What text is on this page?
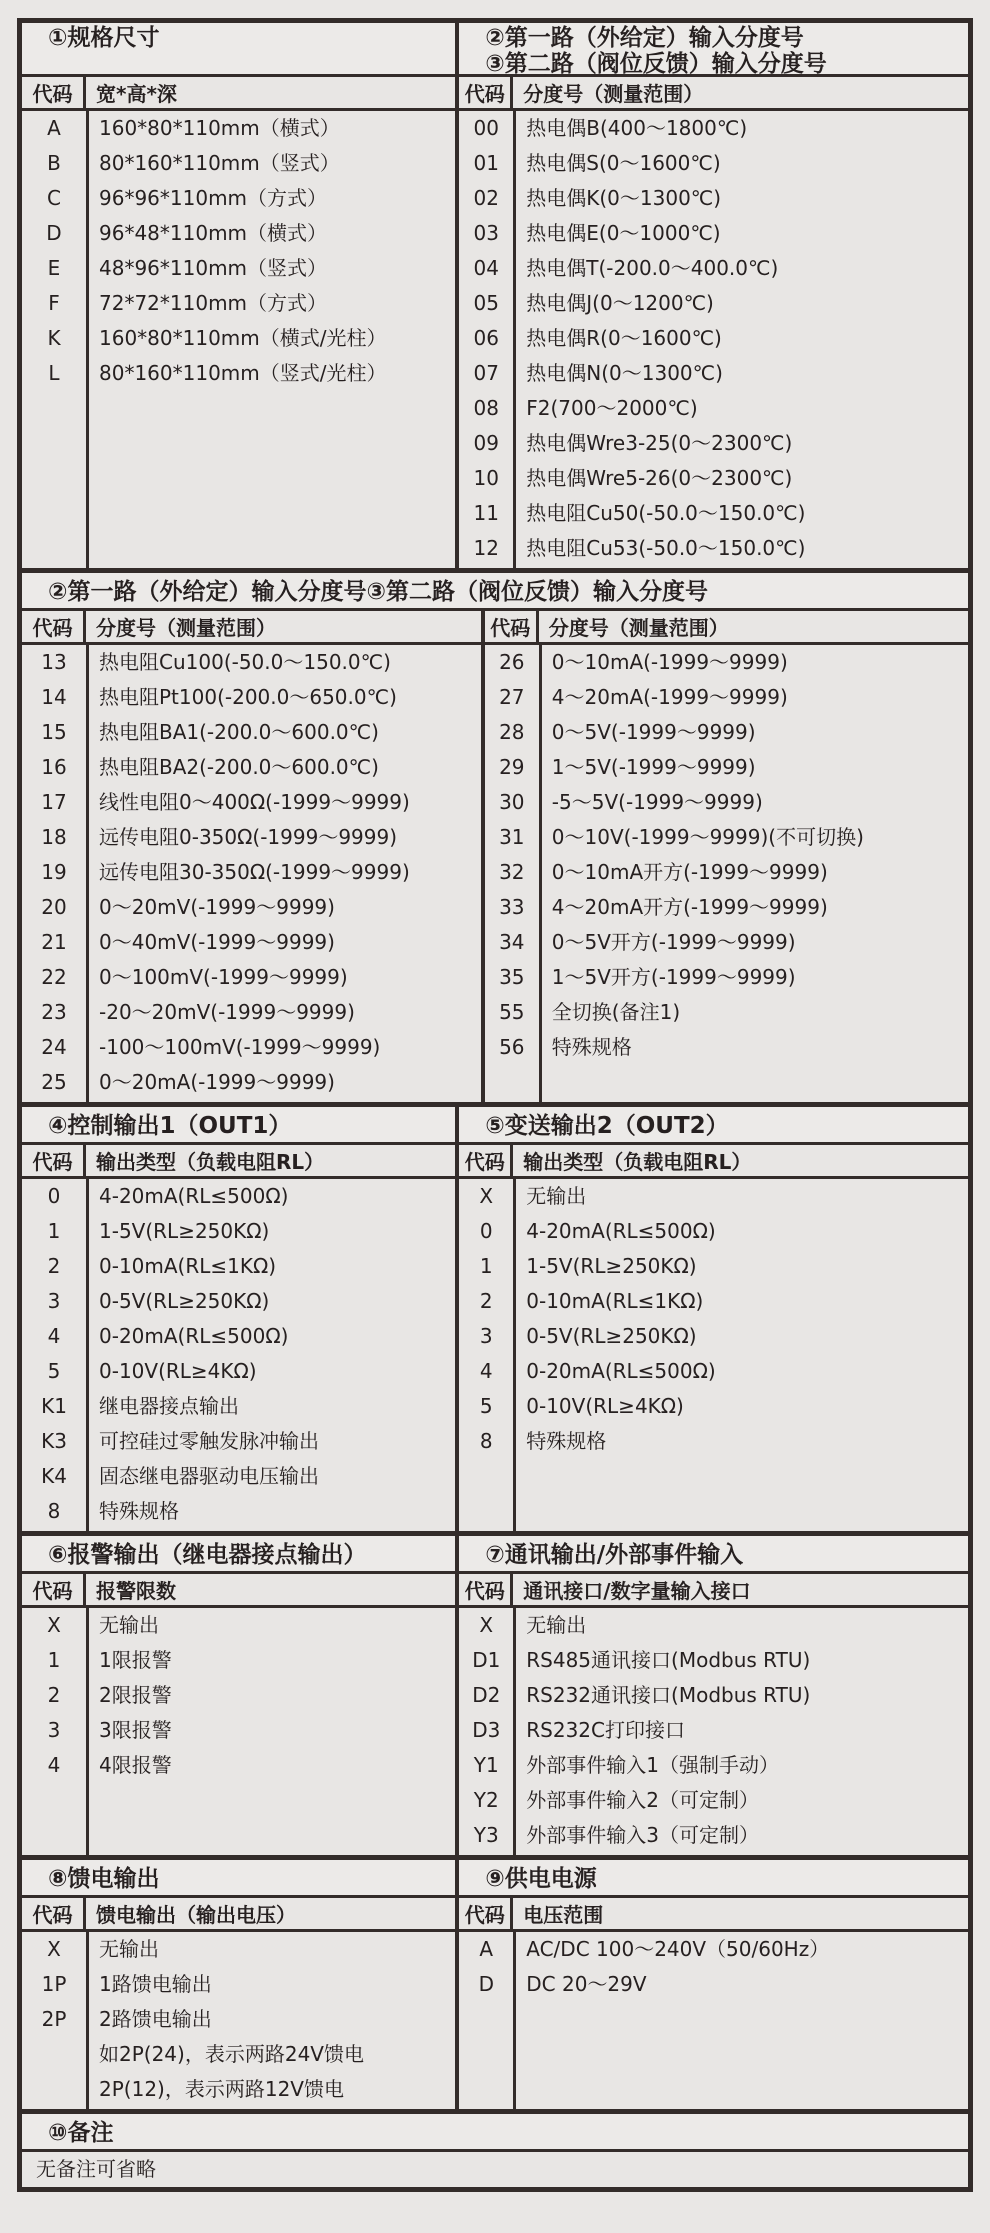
①规格尺寸
代码	宽*高*深
A	160*80*110mm（横式）
B	80*160*110mm（竖式）
C	96*96*110mm（方式）
D	96*48*110mm（横式）
E	48*96*110mm（竖式）
F	72*72*110mm（方式）
K	160*80*110mm（横式/光柱）
L	80*160*110mm（竖式/光柱）
②第一路（外给定）输入分度号
③第二路（阀位反馈）输入分度号
代码 分度号（测量范围）
00	热电偶B(400～1800℃)
01	热电偶S(0～1600℃)
02	热电偶K(0～1300℃)
03	热电偶E(0～1000℃)
04	热电偶T(-200.0～400.0℃)
05	热电偶J(0～1200℃)
06	热电偶R(0～1600℃)
07	热电偶N(0～1300℃)
08	F2(700～2000℃)
09	热电偶Wre3-25(0～2300℃)
10	热电偶Wre5-26(0～2300℃)
11	热电阻Cu50(-50.0～150.0℃)
12	热电阻Cu53(-50.0～150.0℃)
②第一路（外给定）输入分度号③第二路（阀位反馈）输入分度号
代码	分度号（测量范围）
13	热电阻Cu100(-50.0～150.0℃)
14	热电阻Pt100(-200.0～650.0℃)
15	热电阻BA1(-200.0～600.0℃)
16	热电阻BA2(-200.0～600.0℃)
17	线性电阻0～400Ω(-1999～9999)
18	远传电阻0-350Ω(-1999～9999)
19	远传电阻30-350Ω(-1999～9999)
20	0～20mV(-1999～9999)
21	0～40mV(-1999～9999)
22	0～100mV(-1999～9999)
23	-20～20mV(-1999～9999)
24	-100～100mV(-1999～9999)
25	0～20mA(-1999～9999)
代码 分度号（测量范围）
26	0～10mA(-1999～9999)
27	4～20mA(-1999～9999)
28	0～5V(-1999～9999)
29	1～5V(-1999～9999)
30	-5～5V(-1999～9999)
31	0～10V(-1999～9999)(不可切换)
32	0～10mA开方(-1999～9999)
33	4～20mA开方(-1999～9999)
34	0～5V开方(-1999～9999)
35	1～5V开方(-1999～9999)
55	全切换(备注1)
56	特殊规格
④控制输出1（OUT1）
代码	输出类型（负载电阻RL）
0	4-20mA(RL≤500Ω)
1	1-5V(RL≥250KΩ)
2	0-10mA(RL≤1KΩ)
3	0-5V(RL≥250KΩ)
4	0-20mA(RL≤500Ω)
5	0-10V(RL≥4KΩ)
K1	继电器接点输出
K3	可控硅过零触发脉冲输出
K4	固态继电器驱动电压输出
8	特殊规格
⑤变送输出2（OUT2）
代码 输出类型（负载电阻RL）
X	无输出
0	4-20mA(RL≤500Ω)
1	1-5V(RL≥250KΩ)
2	0-10mA(RL≤1KΩ)
3	0-5V(RL≥250KΩ)
4	0-20mA(RL≤500Ω)
5	0-10V(RL≥4KΩ)
8	特殊规格
⑥报警输出（继电器接点输出）
代码	报警限数
X	无输出
1	1限报警
2	2限报警
3	3限报警
4	4限报警
⑦通讯输出/外部事件输入
代码 通讯接口/数字量输入接口
X	无输出
D1	RS485通讯接口(Modbus RTU)
D2	RS232通讯接口(Modbus RTU)
D3	RS232C打印接口
Y1	外部事件输入1（强制手动）
Y2	外部事件输入2（可定制）
Y3	外部事件输入3（可定制）
⑧馈电输出
代码	馈电输出（输出电压）
X	无输出
1P	1路馈电输出
2P	2路馈电输出
如2P(24)，表示两路24V馈电
2P(12)，表示两路12V馈电
⑨供电电源
代码 电压范围
A	AC/DC 100～240V（50/60Hz）
D	DC 20～29V
⑩备注
无备注可省略
